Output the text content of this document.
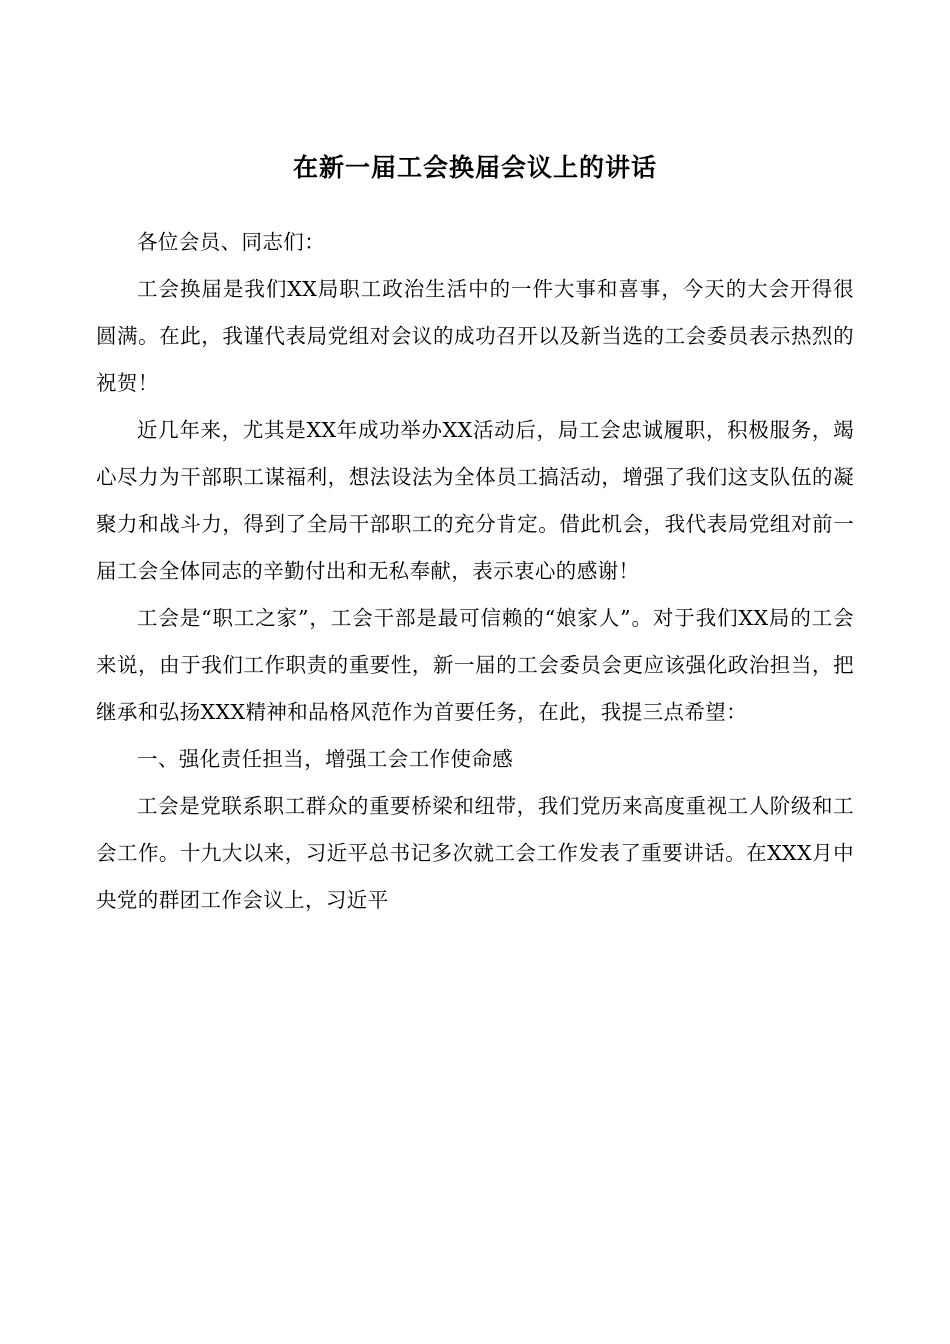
在新一届工会换届会议上的讲话

各位会员、同志们：

工会换届是我们XX局职工政治生活中的一件大事和喜事，今天的大会开得很圆满。在此，我谨代表局党组对会议的成功召开以及新当选的工会委员表示热烈的祝贺！

近几年来，尤其是XX年成功举办XX活动后，局工会忠诚履职，积极服务，竭心尽力为干部职工谋福利，想法设法为全体员工搞活动，增强了我们这支队伍的凝聚力和战斗力，得到了全局干部职工的充分肯定。借此机会，我代表局党组对前一届工会全体同志的辛勤付出和无私奉献，表示衷心的感谢！

工会是“职工之家”，工会干部是最可信赖的“娘家人”。对于我们XX局的工会来说，由于我们工作职责的重要性，新一届的工会委员会更应该强化政治担当，把继承和弘扬XXX精神和品格风范作为首要任务，在此，我提三点希望：

一、强化责任担当，增强工会工作使命感

工会是党联系职工群众的重要桥梁和纽带，我们党历来高度重视工人阶级和工会工作。十九大以来，习近平总书记多次就工会工作发表了重要讲话。在XXX月中央党的群团工作会议上，习近平
